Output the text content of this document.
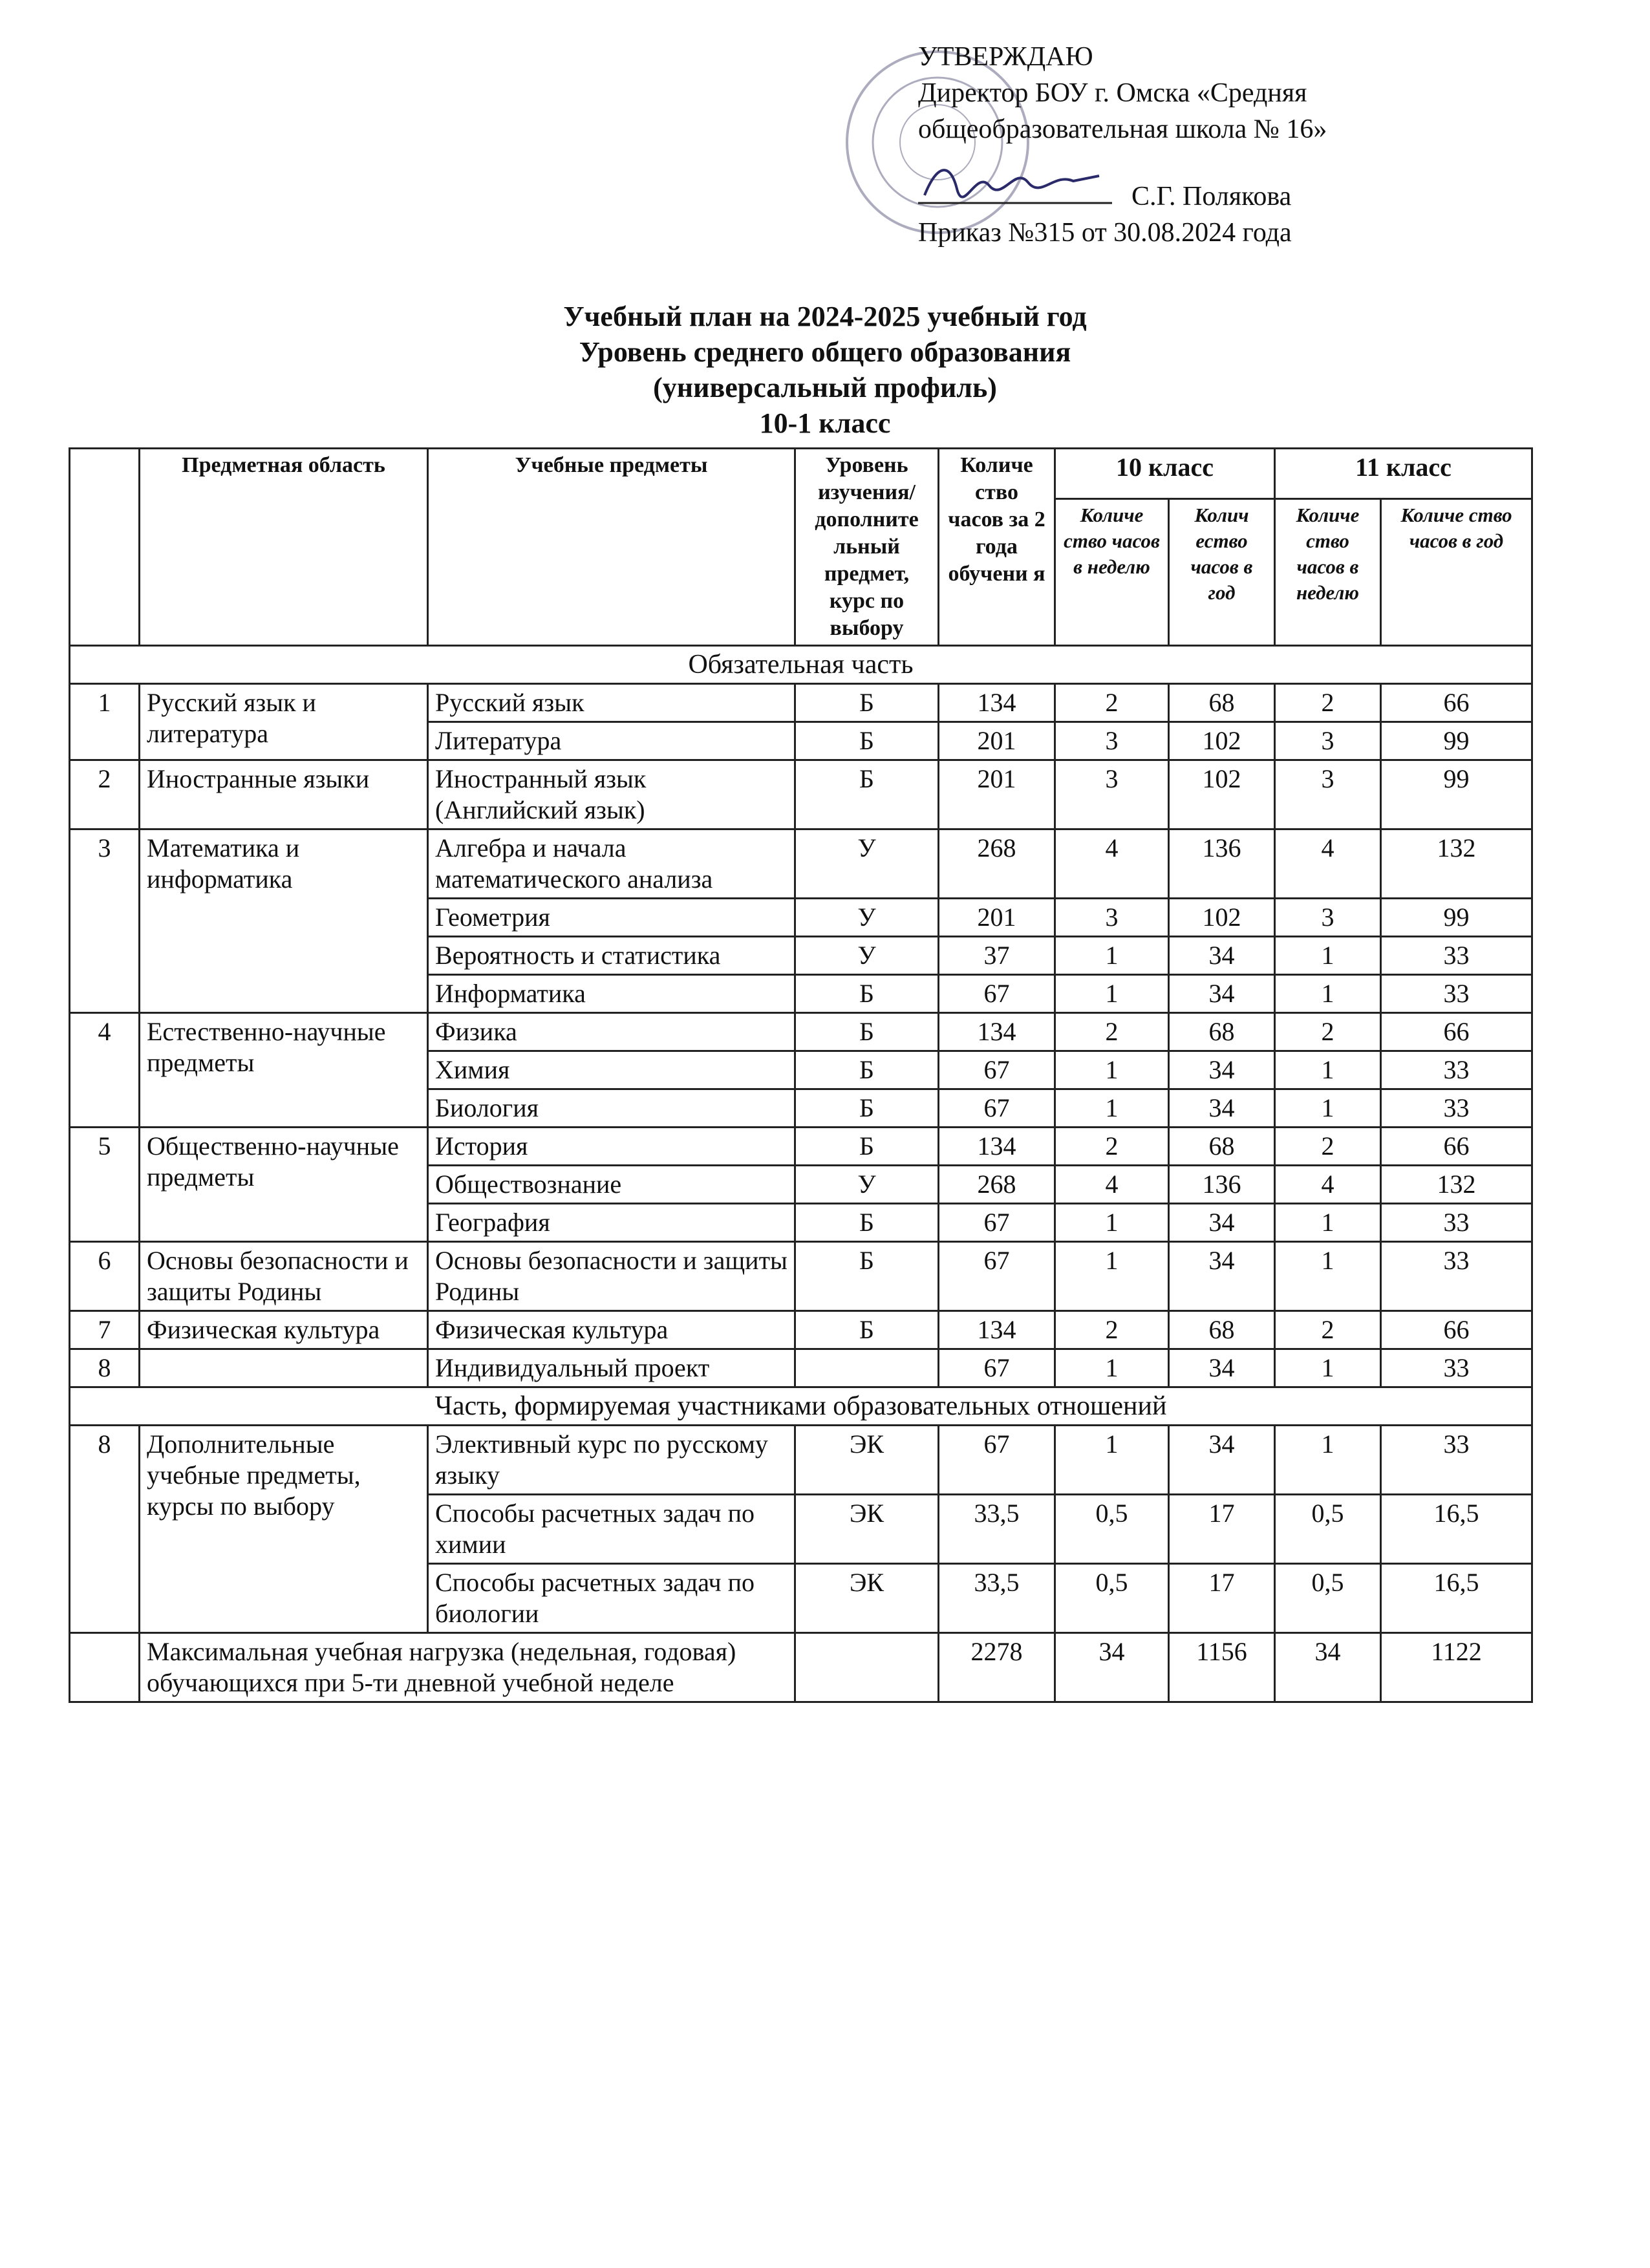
УТВЕРЖДАЮ
Директор БОУ г. Омска «Средняя
общеобразовательная школа № 16»
С.Г. Полякова
Приказ №315 от 30.08.2024 года
Учебный план на 2024-2025 учебный год
Уровень среднего общего образования
(универсальный профиль)
10-1 класс
	Предметная область	Учебные предметы	Уровень изучения/ дополните льный предмет, курс по выбору	Количе ство часов за 2 года обучени я	10 класс		11 класс	
					Количе ство часов в неделю	Колич ество часов в год	Количе ство часов в неделю	Количе ство часов в год
Обязательная часть								
1	Русский язык и литература	Русский язык	Б	134	2	68	2	66
		Литература	Б	201	3	102	3	99
2	Иностранные языки	Иностранный язык (Английский язык)	Б	201	3	102	3	99
3	Математика и информатика	Алгебра и начала математического анализа	У	268	4	136	4	132
		Геометрия	У	201	3	102	3	99
		Вероятность и статистика	У	37	1	34	1	33
		Информатика	Б	67	1	34	1	33
4	Естественно-научные предметы	Физика	Б	134	2	68	2	66
		Химия	Б	67	1	34	1	33
		Биология	Б	67	1	34	1	33
5	Общественно-научные предметы	История	Б	134	2	68	2	66
		Обществознание	У	268	4	136	4	132
		География	Б	67	1	34	1	33
6	Основы безопасности и защиты Родины	Основы безопасности и защиты Родины	Б	67	1	34	1	33
7	Физическая культура	Физическая культура	Б	134	2	68	2	66
8		Индивидуальный проект		67	1	34	1	33
Часть, формируемая участниками образовательных отношений								
8	Дополнительные учебные предметы, курсы по выбору	Элективный курс по русскому языку	ЭК	67	1	34	1	33
		Способы расчетных задач по химии	ЭК	33,5	0,5	17	0,5	16,5
		Способы расчетных задач по биологии	ЭК	33,5	0,5	17	0,5	16,5
	Максимальная учебная нагрузка (недельная, годовая) обучающихся при 5-ти дневной учебной неделе			2278	34	1156	34	1122
